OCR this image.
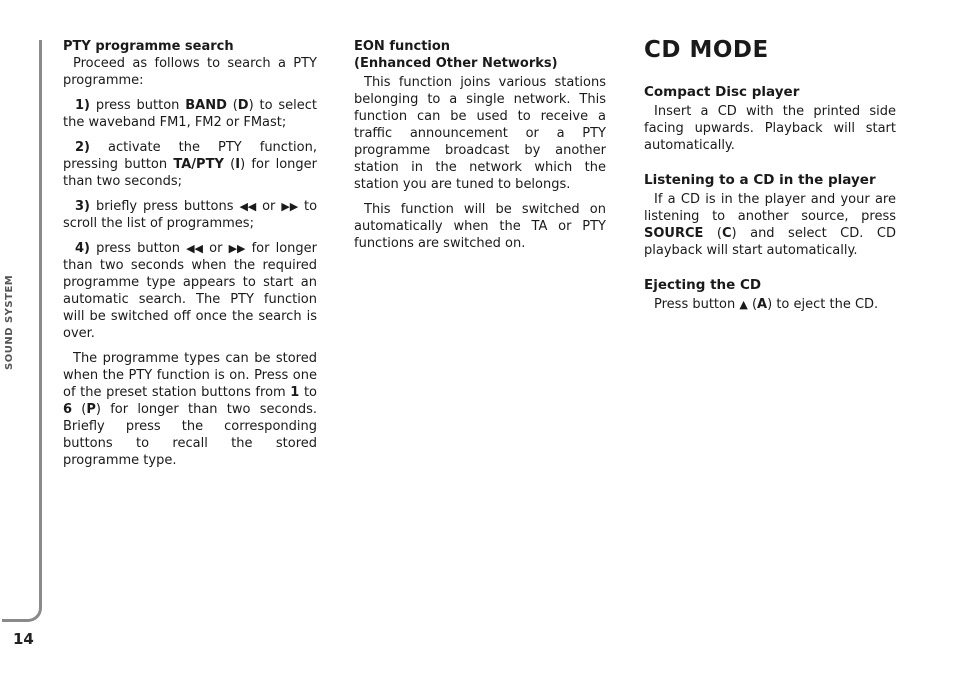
SOUND SYSTEM
14
PTY programme search

Proceed as follows to search a PTY programme:

1) press button BAND (D) to select the waveband FM1, FM2 or FMast;

2) activate the PTY function, pressing button TA/PTY (I) for longer than two seconds;

3) briefly press buttons ◀◀ or ▶▶ to scroll the list of programmes;

4) press button ◀◀ or ▶▶ for longer than two seconds when the required programme type appears to start an automatic search. The PTY function will be switched off once the search is over.

The programme types can be stored when the PTY function is on. Press one of the preset station buttons from 1 to 6 (P) for longer than two seconds. Briefly press the corresponding buttons to recall the stored programme type.

EON function
(Enhanced Other Networks)

This function joins various stations belonging to a single network. This function can be used to receive a traffic announcement or a PTY programme broadcast by another station in the network which the station you are tuned to belongs.

This function will be switched on automatically when the TA or PTY functions are switched on.

CD MODE
Compact Disc player

Insert a CD with the printed side facing upwards. Playback will start automatically.

Listening to a CD in the player

If a CD is in the player and your are listening to another source, press SOURCE (C) and select CD. CD playback will start automatically.

Ejecting the CD

Press button ▲ (A) to eject the CD.
